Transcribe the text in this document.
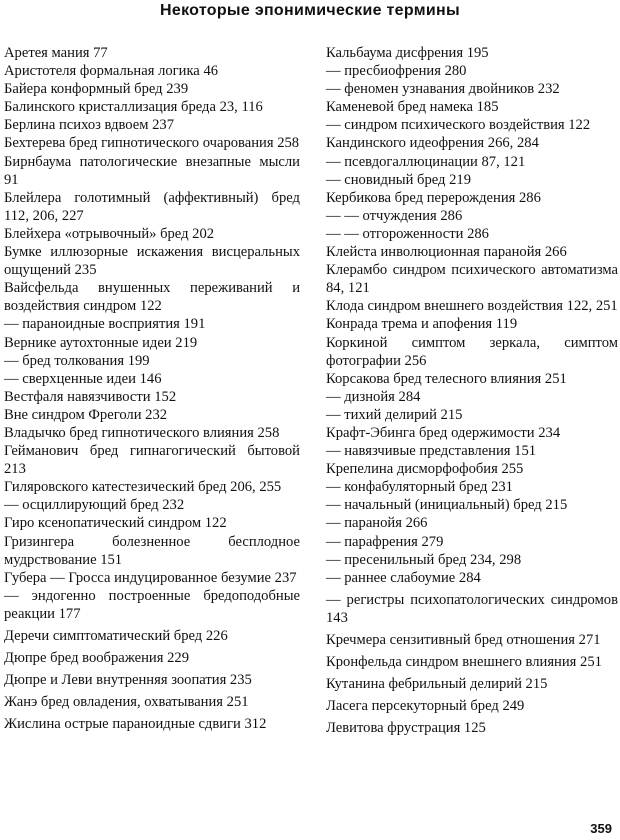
Некоторые эпонимические термины
Аретея мания 77
Аристотеля формальная логика 46
Байера конформный бред 239
Балинского кристаллизация бреда 23, 116
Берлина психоз вдвоем 237
Бехтерева бред гипнотического очарования 258
Бирнбаума патологические внезапные мысли 91
Блейлера голотимный (аффективный) бред 112, 206, 227
Блейхера «отрывочный» бред 202
Бумке иллюзорные искажения висцеральных ощущений 235
Вайсфельда внушенных переживаний и воздействия синдром 122
— параноидные восприятия 191
Вернике аутохтонные идеи 219
— бред толкования 199
— сверхценные идеи 146
Вестфаля навязчивости 152
Вне синдром Фреголи 232
Владычко бред гипнотического влияния 258
Гейманович бред гипнагогический бытовой 213
Гиляровского катестезический бред 206, 255
— осциллирующий бред 232
Гиро ксенопатический синдром 122
Гризингера болезненное бесплодное мудрствование 151
Губера — Гросса индуцированное безумие 237
— эндогенно построенные бредоподобные реакции 177
Деречи симптоматический бред 226
Дюпре бред воображения 229
Дюпре и Леви внутренняя зоопатия 235
Жанэ бред овладения, охватывания 251
Жислина острые параноидные сдвиги 312
Кальбаума дисфрения 195
— пресбиофрения 280
— феномен узнавания двойников 232
Каменевой бред намека 185
— синдром психического воздействия 122
Кандинского идеофрения 266, 284
— псевдогаллюцинации 87, 121
— сновидный бред 219
Кербикова бред перерождения 286
— — отчуждения 286
— — отгороженности 286
Клейста инволюционная паранойя 266
Клерамбо синдром психического автоматизма 84, 121
Клода синдром внешнего воздействия 122, 251
Конрада трема и апофения 119
Коркиной симптом зеркала, симптом фотографии 256
Корсакова бред телесного влияния 251
— дизнойя 284
— тихий делирий 215
Крафт-Эбинга бред одержимости 234
— навязчивые представления 151
Крепелина дисморфофобия 255
— конфабуляторный бред 231
— начальный (инициальный) бред 215
— паранойя 266
— парафрения 279
— пресенильный бред 234, 298
— раннее слабоумие 284
— регистры психопатологических синдромов 143
Кречмера сензитивный бред отношения 271
Кронфельда синдром внешнего влияния 251
Кутанина фебрильный делирий 215
Ласега персекуторный бред 249
Левитова фрустрация 125
359
